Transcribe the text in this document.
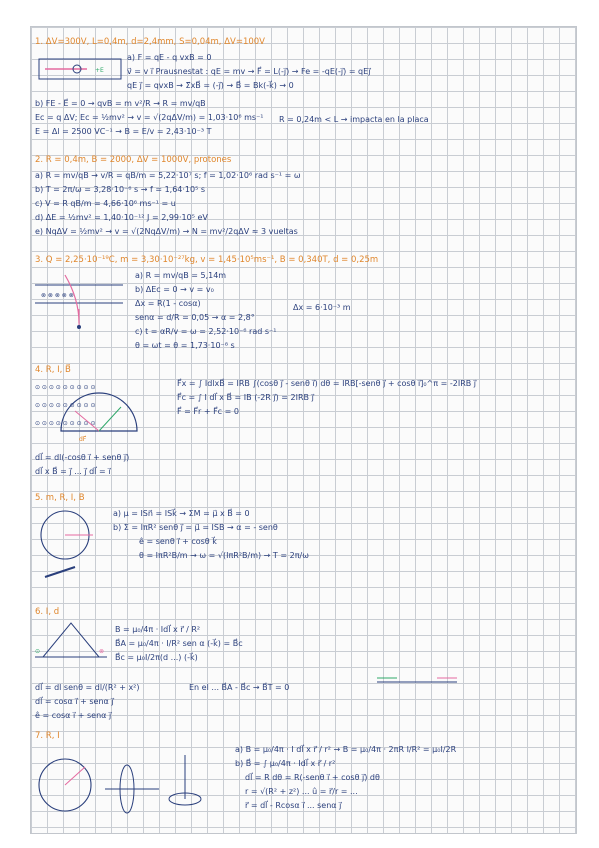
1. ΔV=300V, L=0,4m, d=2,4mm, S=0,04m, ΔV=100V
+E
a) F = qE - q vxB = 0
v⃗ = v i⃗ Prausnestat : qE = mv → F⃗ = L(-j⃗) → Fe = -qE(-j⃗) = qEj⃗
qE j⃗ = qvxB → Σ⃗xB⃗ = (-j⃗) → B⃗ = Bk(-k⃗) → 0
b) FE - E⃗ = 0 → qvB = m v²/R → R = mv/qB
Ec = q ΔV; Ec = ½mv² → v = √(2qΔV/m) = 1,03·10⁶ ms⁻¹
E = Δl = 2500 VC⁻¹ → B = E/v = 2,43·10⁻³ T
R = 0,24m < L → impacta en la placa
2. R = 0,4m, B = 2000, ΔV = 1000V, protones
a) R = mv/qB → v/R = qB/m = 5,22·10⁷ s; f = 1,02·10⁶ rad s⁻¹ = ω
b) T = 2π/ω = 3,28·10⁻⁶ s → f = 1,64·10⁵ s
c) V = R qB/m = 4,66·10⁶ ms⁻¹ = u
d) ΔE = ½mv² = 1,40·10⁻¹² J = 2,99·10⁵ eV
e) NqΔV = ½mv² → v = √(2NqΔV/m) → N = mv²/2qΔV ≈ 3 vueltas
3. Q = 2,25·10⁻¹⁹C, m = 3,30·10⁻²⁷kg, v = 1,45·10⁵ms⁻¹, B = 0,340T, d = 0,25m
⊗ ⊗ ⊗ ⊗ ⊗
a) R = mv/qB = 5,14m
b) ΔEc = 0 → v = v₀
Δx = R(1 - cosα)
senα = d/R = 0,05 → α = 2,8°
c) t = αR/v = ω = 2,52·10⁻⁶ rad s⁻¹
θ = ωt = θ = 1,73·10⁻⁸ s
Δx = 6·10⁻³ m
4. R, I, B⃗
⊙ ⊙ ⊙ ⊙ ⊙ ⊙ ⊙ ⊙ ⊙
⊙ ⊙ ⊙ ⊙ ⊙ ⊙ ⊙ ⊙ ⊙
⊙ ⊙ ⊙ ⊙ ⊙ ⊙ ⊙ ⊙ ⊙
dF⃗
F⃗x = ∫ IdlxB⃗ = IRB ∫(cosθ j⃗ - senθ i⃗) dθ = IRB[-senθ j⃗ + cosθ i⃗]₀^π = -2IRB j⃗
F⃗c = ∫ I dl⃗ x B⃗ = IB (-2R j⃗) = 2IRB j⃗
F⃗ = F⃗r + F⃗c = 0
dl⃗ = dl(-cosθ i⃗ + senθ j⃗)
dl⃗ x B⃗ = j⃗ ... j⃗ dl⃗ = i⃗
5. m, R, I, B
a) μ = ISn⃗ = ISk⃗ → ΣM = μ⃗ x B⃗ = 0
b) Σ = IπR² senθ j⃗ = μ⃗ = ISB → α = - senθ
ê = senθ i⃗ + cosθ k⃗
θ = IπR²B/m → ω = √(IπR²B/m) → T = 2π/ω
6. I, d
⊙	⊗
B = μ₀/4π · Idl⃗ x r⃗ / R²
B⃗A = μ₀/4π · I/R² sen α (-k⃗) = B⃗c
B⃗c = μ₀I/2π(d ...) (-k⃗)
dl⃗ = dl senθ = dl/(R² + x²)	En el ... B⃗A - B⃗c → B⃗T = 0
dl⃗ = cosα i⃗ + senα j⃗
ê = cosα i⃗ + senα j⃗
7. R, I
a) B = μ₀/4π · I dl⃗ x r⃗ / r² → B = μ₀/4π · 2πR I/R² = μ₀I/2R
b) B⃗ = ∫ μ₀/4π · Idl⃗ x r⃗ / r²
dl⃗ = R dθ = R(-senθ i⃗ + cosθ j⃗) dθ
r = √(R² + z²) ... û = r⃗/r = ...
r⃗ = dl⃗ - Rcosα i⃗ ... senα j⃗
